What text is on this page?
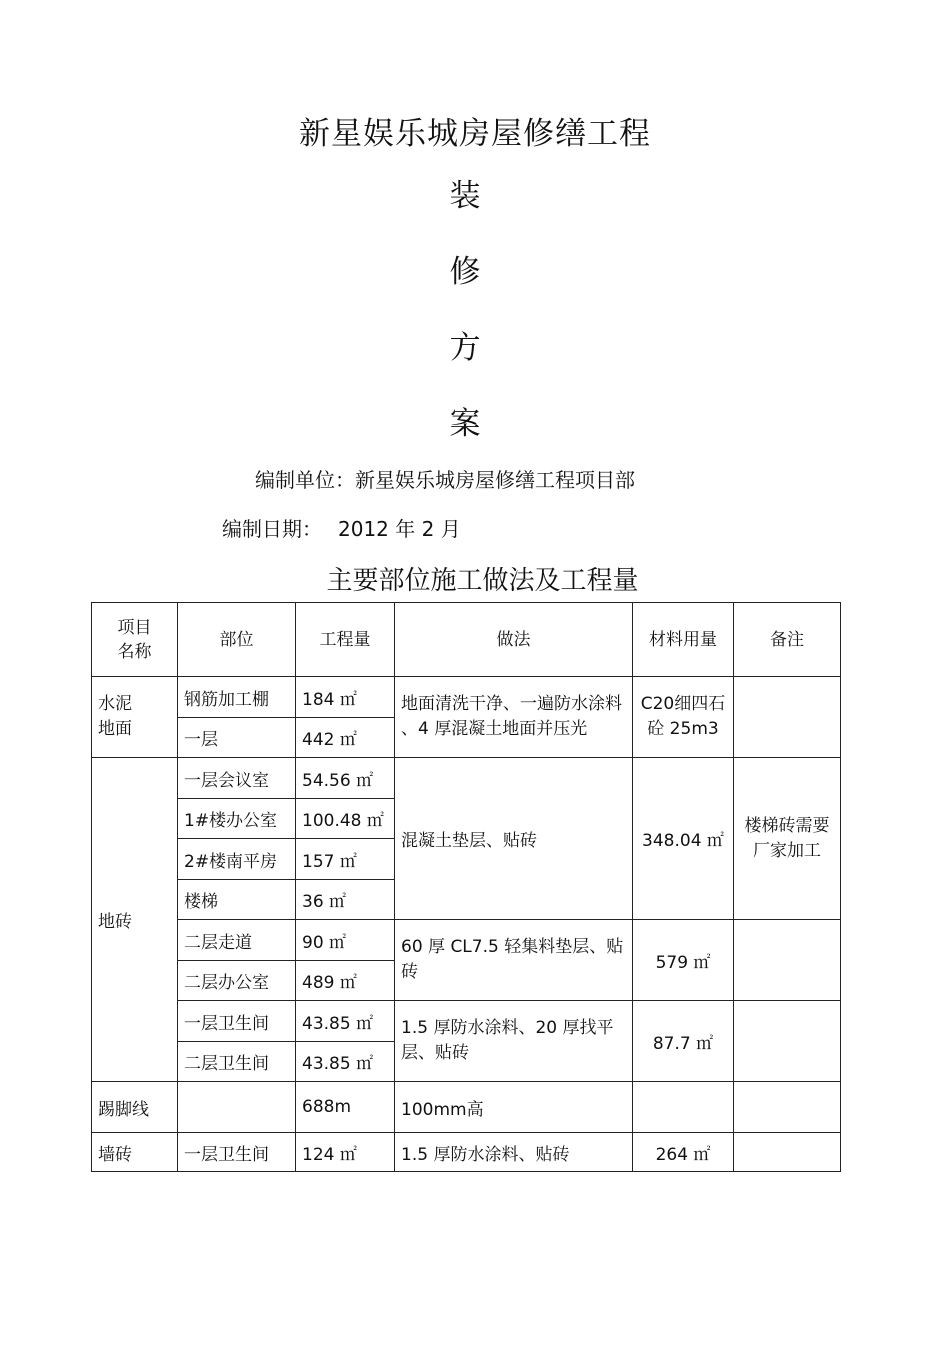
新星娱乐城房屋修缮工程
装
修
方
案
编制单位：新星娱乐城房屋修缮工程项目部
编制日期： 2012 年 2 月
主要部位施工做法及工程量
项目
名称	部位	工程量	做法	材料用量	备注
水泥
地面	钢筋加工棚	184 ㎡	地面清洗干净、一遍防水涂料 、4 厚混凝土地面并压光	C20细四石砼 25m3	
	一层	442 ㎡			
地砖	一层会议室	54.56 ㎡	混凝土垫层、贴砖	348.04 ㎡	楼梯砖需要厂家加工
	1#楼办公室	100.48 ㎡			
	2#楼南平房	157 ㎡			
	楼梯	36 ㎡			
	二层走道	90 ㎡	60 厚 CL7.5 轻集料垫层、贴砖	579 ㎡	
	二层办公室	489 ㎡			
	一层卫生间	43.85 ㎡	1.5 厚防水涂料、20 厚找平层、贴砖	87.7 ㎡	
	二层卫生间	43.85 ㎡			
踢脚线		688m	100mm高		
墙砖	一层卫生间	124 ㎡	1.5 厚防水涂料、贴砖	264 ㎡	
